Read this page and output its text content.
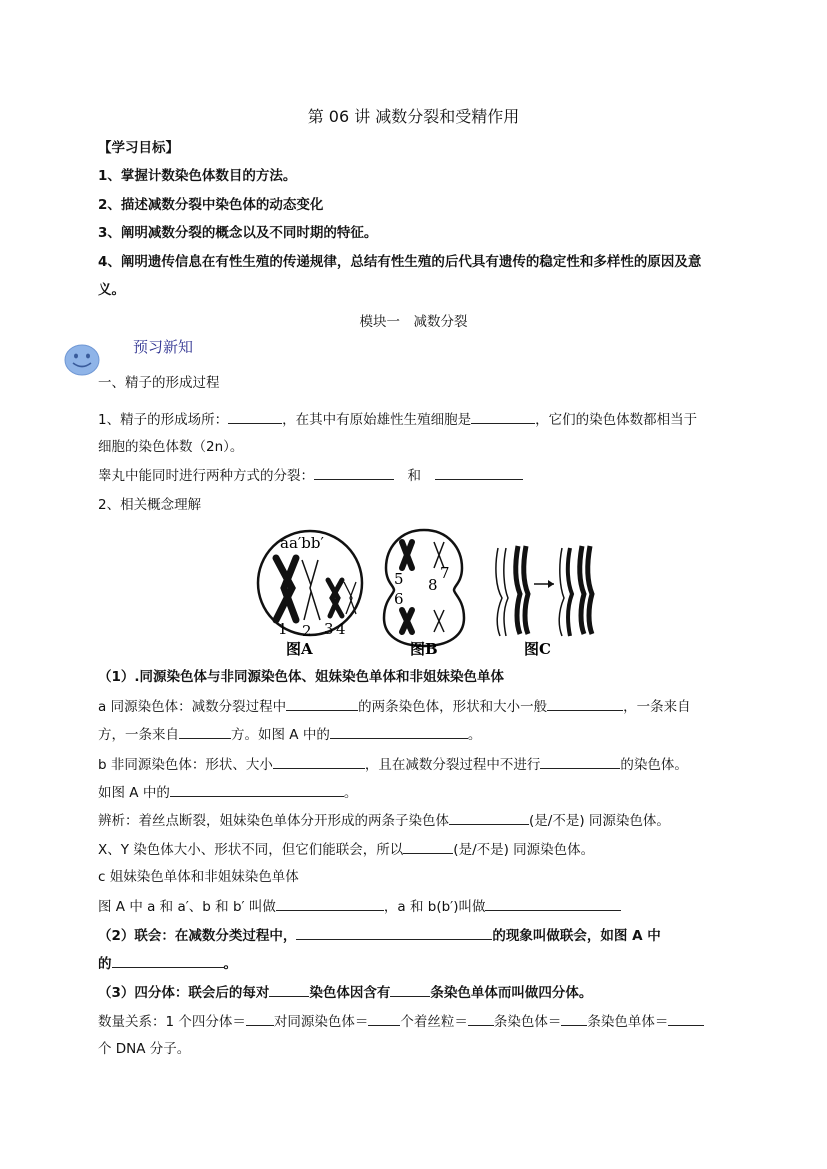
第 06 讲 减数分裂和受精作用
【学习目标】
1、掌握计数染色体数目的方法。
2、描述减数分裂中染色体的动态变化
3、阐明减数分裂的概念以及不同时期的特征。
4、阐明遗传信息在有性生殖的传递规律，总结有性生殖的后代具有遗传的稳定性和多样性的原因及意
义。
模块一　减数分裂
预习新知
一、精子的形成过程
1、精子的形成场所：	，在其中有原始雄性生殖细胞是	，它们的染色体数都相当于
细胞的染色体数（2n）。
睾丸中能同时进行两种方式的分裂：　	和　
2、相关概念理解
aa′bb′
1 2 3 4
图A
5
6
7
8
图B	图C
（1）.同源染色体与非同源染色体、姐妹染色单体和非姐妹染色单体
a 同源染色体：减数分裂过程中	的两条染色体，形状和大小一般	，一条来自
方，一条来自	方。如图 A 中的	。
b 非同源染色体：形状、大小	，且在减数分裂过程中不进行	的染色体。
如图 A 中的	。
辨析：着丝点断裂，姐妹染色单体分开形成的两条子染色体	(是/不是) 同源染色体。
X、Y 染色体大小、形状不同，但它们能联会，所以	(是/不是) 同源染色体。
c 姐妹染色单体和非姐妹染色单体
图 A 中 a 和 a′、b 和 b′ 叫做	，a 和 b(b′)叫做
（2）联会：在减数分类过程中，	的现象叫做联会，如图 A 中
的	。
（3）四分体：联会后的每对	染色体因含有	条染色单体而叫做四分体。
数量关系：1 个四分体＝ 对同源染色体＝ 个着丝粒＝ 条染色体＝ 条染色单体＝
个 DNA 分子。
